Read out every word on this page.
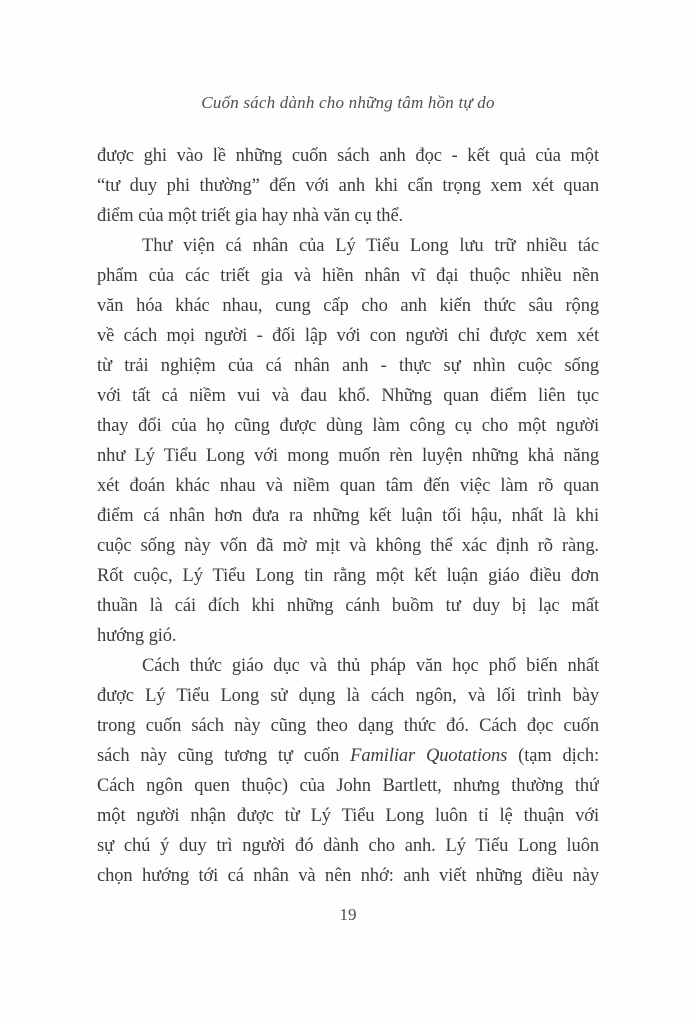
Cuốn sách dành cho những tâm hồn tự do
được ghi vào lề những cuốn sách anh đọc - kết quả của một
“tư duy phi thường” đến với anh khi cẩn trọng xem xét quan
điểm của một triết gia hay nhà văn cụ thể.
Thư viện cá nhân của Lý Tiểu Long lưu trữ nhiều tác
phẩm của các triết gia và hiền nhân vĩ đại thuộc nhiều nền
văn hóa khác nhau, cung cấp cho anh kiến thức sâu rộng
về cách mọi người - đối lập với con người chỉ được xem xét
từ trải nghiệm của cá nhân anh - thực sự nhìn cuộc sống
với tất cả niềm vui và đau khổ. Những quan điểm liên tục
thay đổi của họ cũng được dùng làm công cụ cho một người
như Lý Tiểu Long với mong muốn rèn luyện những khả năng
xét đoán khác nhau và niềm quan tâm đến việc làm rõ quan
điểm cá nhân hơn đưa ra những kết luận tối hậu, nhất là khi
cuộc sống này vốn đã mờ mịt và không thể xác định rõ ràng.
Rốt cuộc, Lý Tiểu Long tin rằng một kết luận giáo điều đơn
thuần là cái đích khi những cánh buồm tư duy bị lạc mất
hướng gió.
Cách thức giáo dục và thủ pháp văn học phổ biến nhất
được Lý Tiểu Long sử dụng là cách ngôn, và lối trình bày
trong cuốn sách này cũng theo dạng thức đó. Cách đọc cuốn
sách này cũng tương tự cuốn Familiar Quotations (tạm dịch:
Cách ngôn quen thuộc) của John Bartlett, nhưng thường thứ
một người nhận được từ Lý Tiểu Long luôn tỉ lệ thuận với
sự chú ý duy trì người đó dành cho anh. Lý Tiểu Long luôn
chọn hướng tới cá nhân và nên nhớ: anh viết những điều này
19
